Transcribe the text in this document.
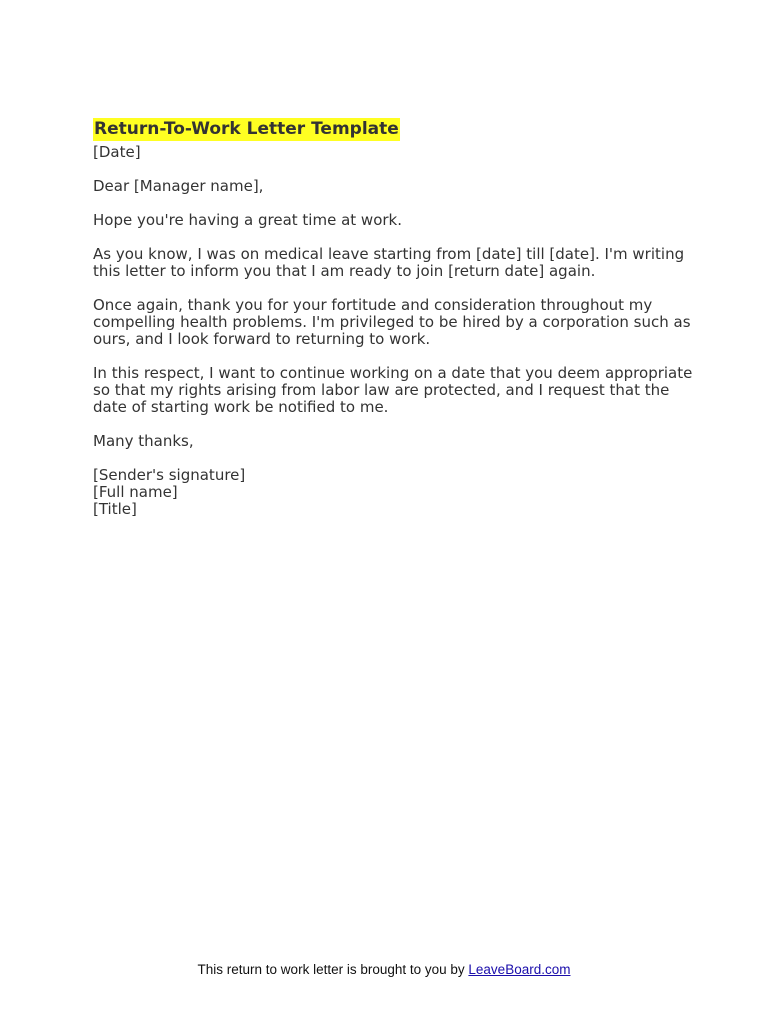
Return-To-Work Letter Template

[Date]

Dear [Manager name],

Hope you're having a great time at work.

As you know, I was on medical leave starting from [date] till [date]. I'm writing this letter to inform you that I am ready to join [return date] again.

Once again, thank you for your fortitude and consideration throughout my compelling health problems. I'm privileged to be hired by a corporation such as ours, and I look forward to returning to work.

In this respect, I want to continue working on a date that you deem appropriate so that my rights arising from labor law are protected, and I request that the date of starting work be notified to me.

Many thanks,

[Sender's signature]

[Full name]

[Title]

This return to work letter is brought to you by LeaveBoard.com
